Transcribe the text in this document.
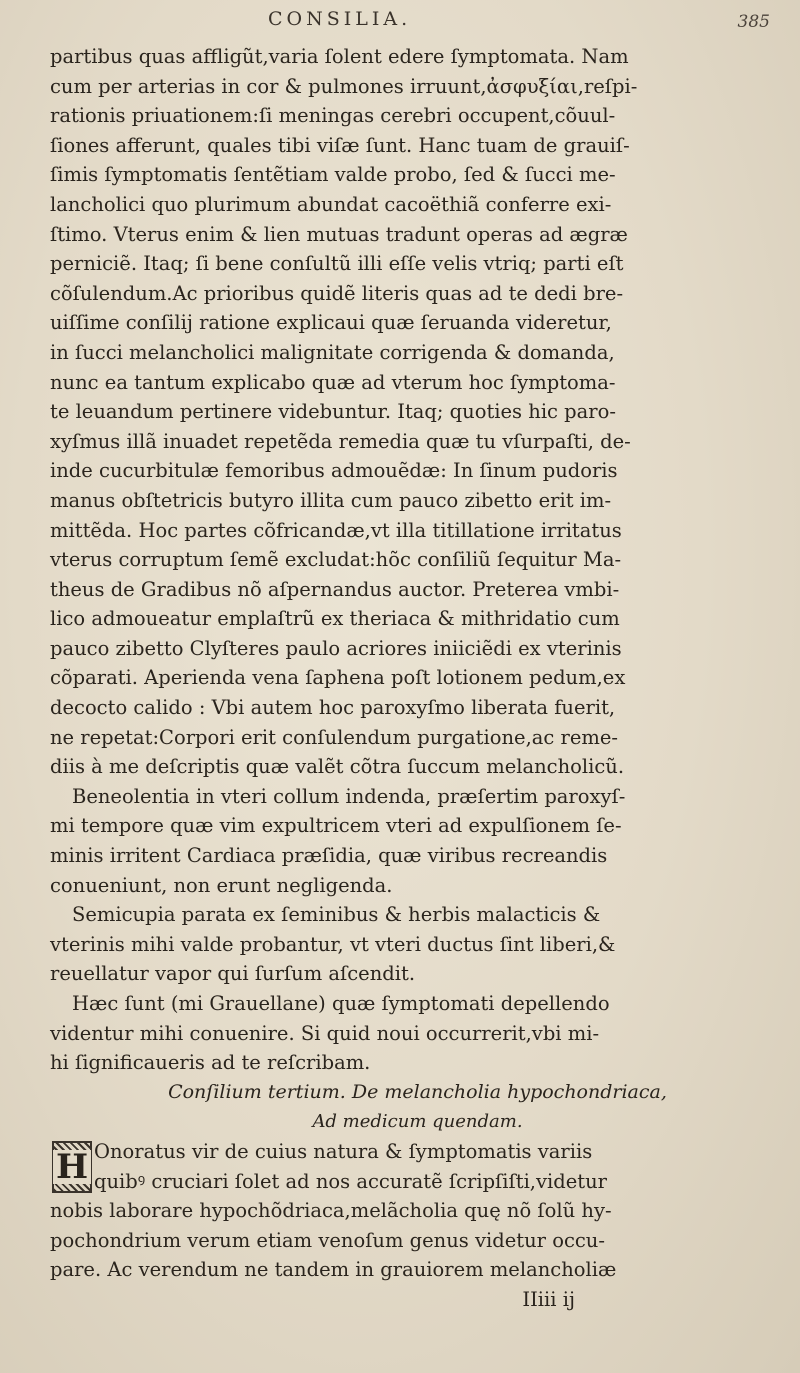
CONSILIA.	385
partibus quas affligũt,varia ſolent edere ſymptomata. Nam
cum per arterias in cor & pulmones irruunt,ἀσφυξίαι,reſpi-
rationis priuationem:ſi meningas cerebri occupent,cõuul-
ſiones afferunt, quales tibi viſæ ſunt. Hanc tuam de grauiſ-
ſimis ſymptomatis ſentẽtiam valde probo, ſed & ſucci me-
lancholici quo plurimum abundat cacoëthiã conferre exi-
ſtimo. Vterus enim & lien mutuas tradunt operas ad ægræ
perniciẽ. Itaq; ſi bene conſultũ illi eſſe velis vtriq; parti eſt
cõſulendum.Ac prioribus quidẽ literis quas ad te dedi bre-
uiſſime conſilij ratione explicaui quæ ſeruanda videretur,
in ſucci melancholici malignitate corrigenda & domanda,
nunc ea tantum explicabo quæ ad vterum hoc ſymptoma-
te leuandum pertinere videbuntur. Itaq; quoties hic paro-
xyſmus illã inuadet repetẽda remedia quæ tu vſurpaſti, de-
inde cucurbitulæ femoribus admouẽdæ: In ſinum pudoris
manus obſtetricis butyro illita cum pauco zibetto erit im-
mittẽda. Hoc partes cõfricandæ,vt illa titillatione irritatus
vterus corruptum ſemẽ excludat:hõc conſiliũ ſequitur Ma-
theus de Gradibus nõ aſpernandus auctor. Preterea vmbi-
lico admoueatur emplaſtrũ ex theriaca & mithridatio cum
pauco zibetto Clyſteres paulo acriores iniiciẽdi ex vterinis
cõparati. Aperienda vena ſaphena poſt lotionem pedum,ex
decocto calido : Vbi autem hoc paroxyſmo liberata fuerit,
ne repetat:Corpori erit conſulendum purgatione,ac reme-
diis à me deſcriptis quæ valẽt cõtra ſuccum melancholicũ.
Beneolentia in vteri collum indenda, præſertim paroxyſ-
mi tempore quæ vim expultricem vteri ad expulſionem ſe-
minis irritent Cardiaca præſidia, quæ viribus recreandis
conueniunt, non erunt negligenda.
Semicupia parata ex ſeminibus & herbis malacticis &
vterinis mihi valde probantur, vt vteri ductus ſint liberi,&
reuellatur vapor qui ſurſum aſcendit.
Hæc ſunt (mi Grauellane) quæ ſymptomati depellendo
videntur mihi conuenire. Si quid noui occurrerit,vbi mi-
hi ſignificaueris ad te reſcribam.
Conſilium tertium. De melancholia hypochondriaca,
Ad medicum quendam.
H Onoratus vir de cuius natura & ſymptomatis variis
quibꝰ cruciari ſolet ad nos accuratẽ ſcripſiſti,videtur
nobis laborare hypochõdriaca,melãcholia quę nõ ſolũ hy-
pochondrium verum etiam venoſum genus videtur occu-
pare. Ac verendum ne tandem in grauiorem melancholiæ
IIiii ij
